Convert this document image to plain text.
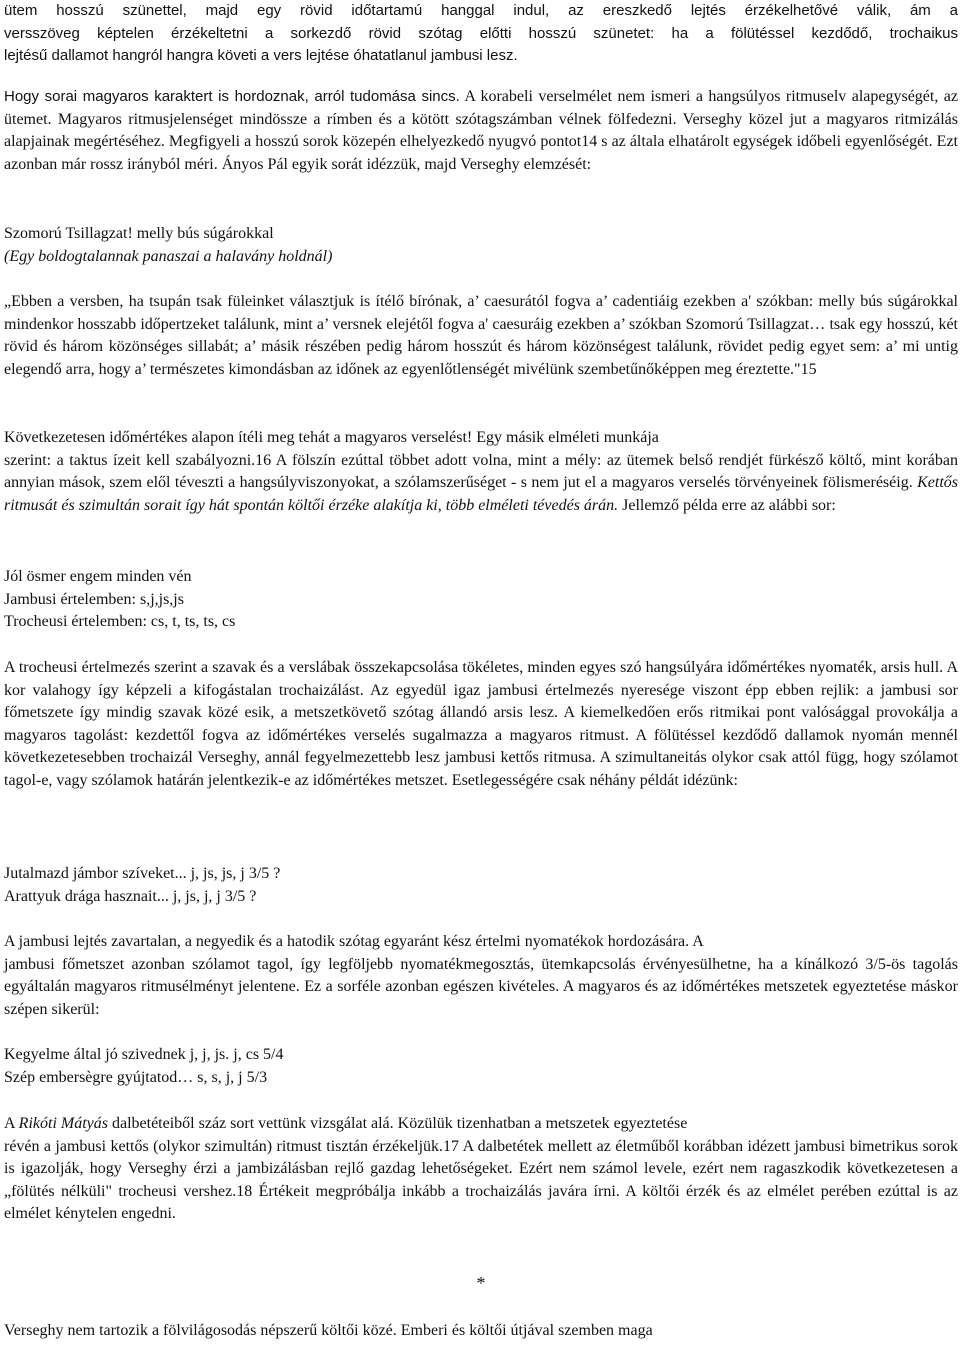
ütem hosszú szünettel, majd egy rövid időtartamú hanggal indul, az ereszkedő lejtés érzékelhetővé válik, ám a
versszöveg képtelen érzékeltetni a sorkezdő rövid szótag előtti hosszú szünetet: ha a fölütéssel kezdődő, trochaikus
lejtésű dallamot hangról hangra követi a vers lejtése óhatatlanul jambusi lesz.

Hogy sorai magyaros karaktert is hordoznak, arról tudomása sincs. A korabeli verselmélet nem ismeri a hangsúlyos ritmuselv alapegységét, az ütemet. Magyaros ritmusjelenséget mindössze a rímben és a kötött szótagszámban vélnek fölfedezni. Verseghy közel jut a magyaros ritmizálás alapjainak megértéséhez. Megfigyeli a hosszú sorok közepén elhelyezkedő nyugvó pontot14 s az általa elhatárolt egységek időbeli egyenlőségét. Ezt azonban már rossz irányból méri. Ányos Pál egyik sorát idézzük, majd Verseghy elemzését:

Szomorú Tsillagzat! melly bús súgárokkal
(Egy boldogtalannak panaszai a halavány holdnál)

„Ebben a versben, ha tsupán tsak füleinket választjuk is ítélő bírónak, a’ caesurától fogva a’ cadentiáig ezekben a' szókban: melly bús súgárokkal mindenkor hosszabb időpertzeket találunk, mint a’ versnek elejétől fogva a' caesuráig ezekben a’ szókban Szomorú Tsillagzat… tsak egy hosszú, két rövid és három közönséges sillabát; a’ másik részében pedig három hosszút és három közönségest találunk, rövidet pedig egyet sem: a’ mi untig elegendő arra, hogy a’ természetes kimondásban az időnek az egyenlőtlenségét mivélünk szembetűnőképpen meg éreztette."15

Következetesen időmértékes alapon ítéli meg tehát a magyaros verselést! Egy másik elméleti munkája
szerint: a taktus ízeit kell szabályozni.16 A fölszín ezúttal többet adott volna, mint a mély: az ütemek belső rendjét fürkésző költő, mint korában annyian mások, szem elől téveszti a hangsúlyviszonyokat, a szólamszerűséget - s nem jut el a magyaros verselés törvényeinek fölismeréséig. Kettős ritmusát és szimultán sorait így hát spontán költői érzéke alakítja ki, több elméleti tévedés árán. Jellemző példa erre az alábbi sor:
Jól ösmer engem minden vén
Jambusi értelemben: s,j,js,js
Trocheusi értelemben: cs, t, ts, ts, cs

A trocheusi értelmezés szerint a szavak és a verslábak összekapcsolása tökéletes, minden egyes szó hangsúlyára időmértékes nyomaték, arsis hull. A kor valahogy így képzeli a kifogástalan trochaizálást. Az egyedül igaz jambusi értelmezés nyeresége viszont épp ebben rejlik: a jambusi sor főmetszete így mindig szavak közé esik, a metszetkövető szótag állandó arsis lesz. A kiemelkedően erős ritmikai pont valósággal provokálja a magyaros tagolást: kezdettől fogva az időmértékes verselés sugalmazza a magyaros ritmust. A fölütéssel kezdődő dallamok nyomán mennél következetesebben trochaizál Verseghy, annál fegyelmezettebb lesz jambusi kettős ritmusa. A szimultaneitás olykor csak attól függ, hogy szólamot tagol-e, vagy szólamok határán jelentkezik-e az időmértékes metszet. Esetlegességére csak néhány példát idézünk:

Jutalmazd jámbor szíveket... j, js, js, j 3/5 ?
Arattyuk drága hasznait... j, js, j, j 3/5 ?
A jambusi lejtés zavartalan, a negyedik és a hatodik szótag egyaránt kész értelmi nyomatékok hordozására. A
jambusi főmetszet azonban szólamot tagol, így legföljebb nyomatékmegosztás, ütemkapcsolás érvényesülhetne, ha a kínálkozó 3/5-ös tagolás egyáltalán magyaros ritmusélményt jelentene. Ez a sorféle azonban egészen kivételes. A magyaros és az időmértékes metszetek egyeztetése máskor szépen sikerül:
Kegyelme által jó szivednek j, j, js. j, cs 5/4
Szép embersègre gyújtatod… s, s, j, j 5/3
A Rikóti Mátyás dalbetéteiből száz sort vettünk vizsgálat alá. Közülük tizenhatban a metszetek egyeztetése
révén a jambusi kettős (olykor szimultán) ritmust tisztán érzékeljük.17 A dalbetétek mellett az életműből korábban idézett jambusi bimetrikus sorok is igazolják, hogy Verseghy érzi a jambizálásban rejlő gazdag lehetőségeket. Ezért nem számol levele, ezért nem ragaszkodik következetesen a „fölütés nélküli" trocheusi vershez.18 Értékeit megpróbálja inkább a trochaizálás javára írni. A költői érzék és az elmélet perében ezúttal is az elmélet kénytelen engedni.
*
Verseghy nem tartozik a fölvilágosodás népszerű költői közé. Emberi és költői útjával szemben maga
